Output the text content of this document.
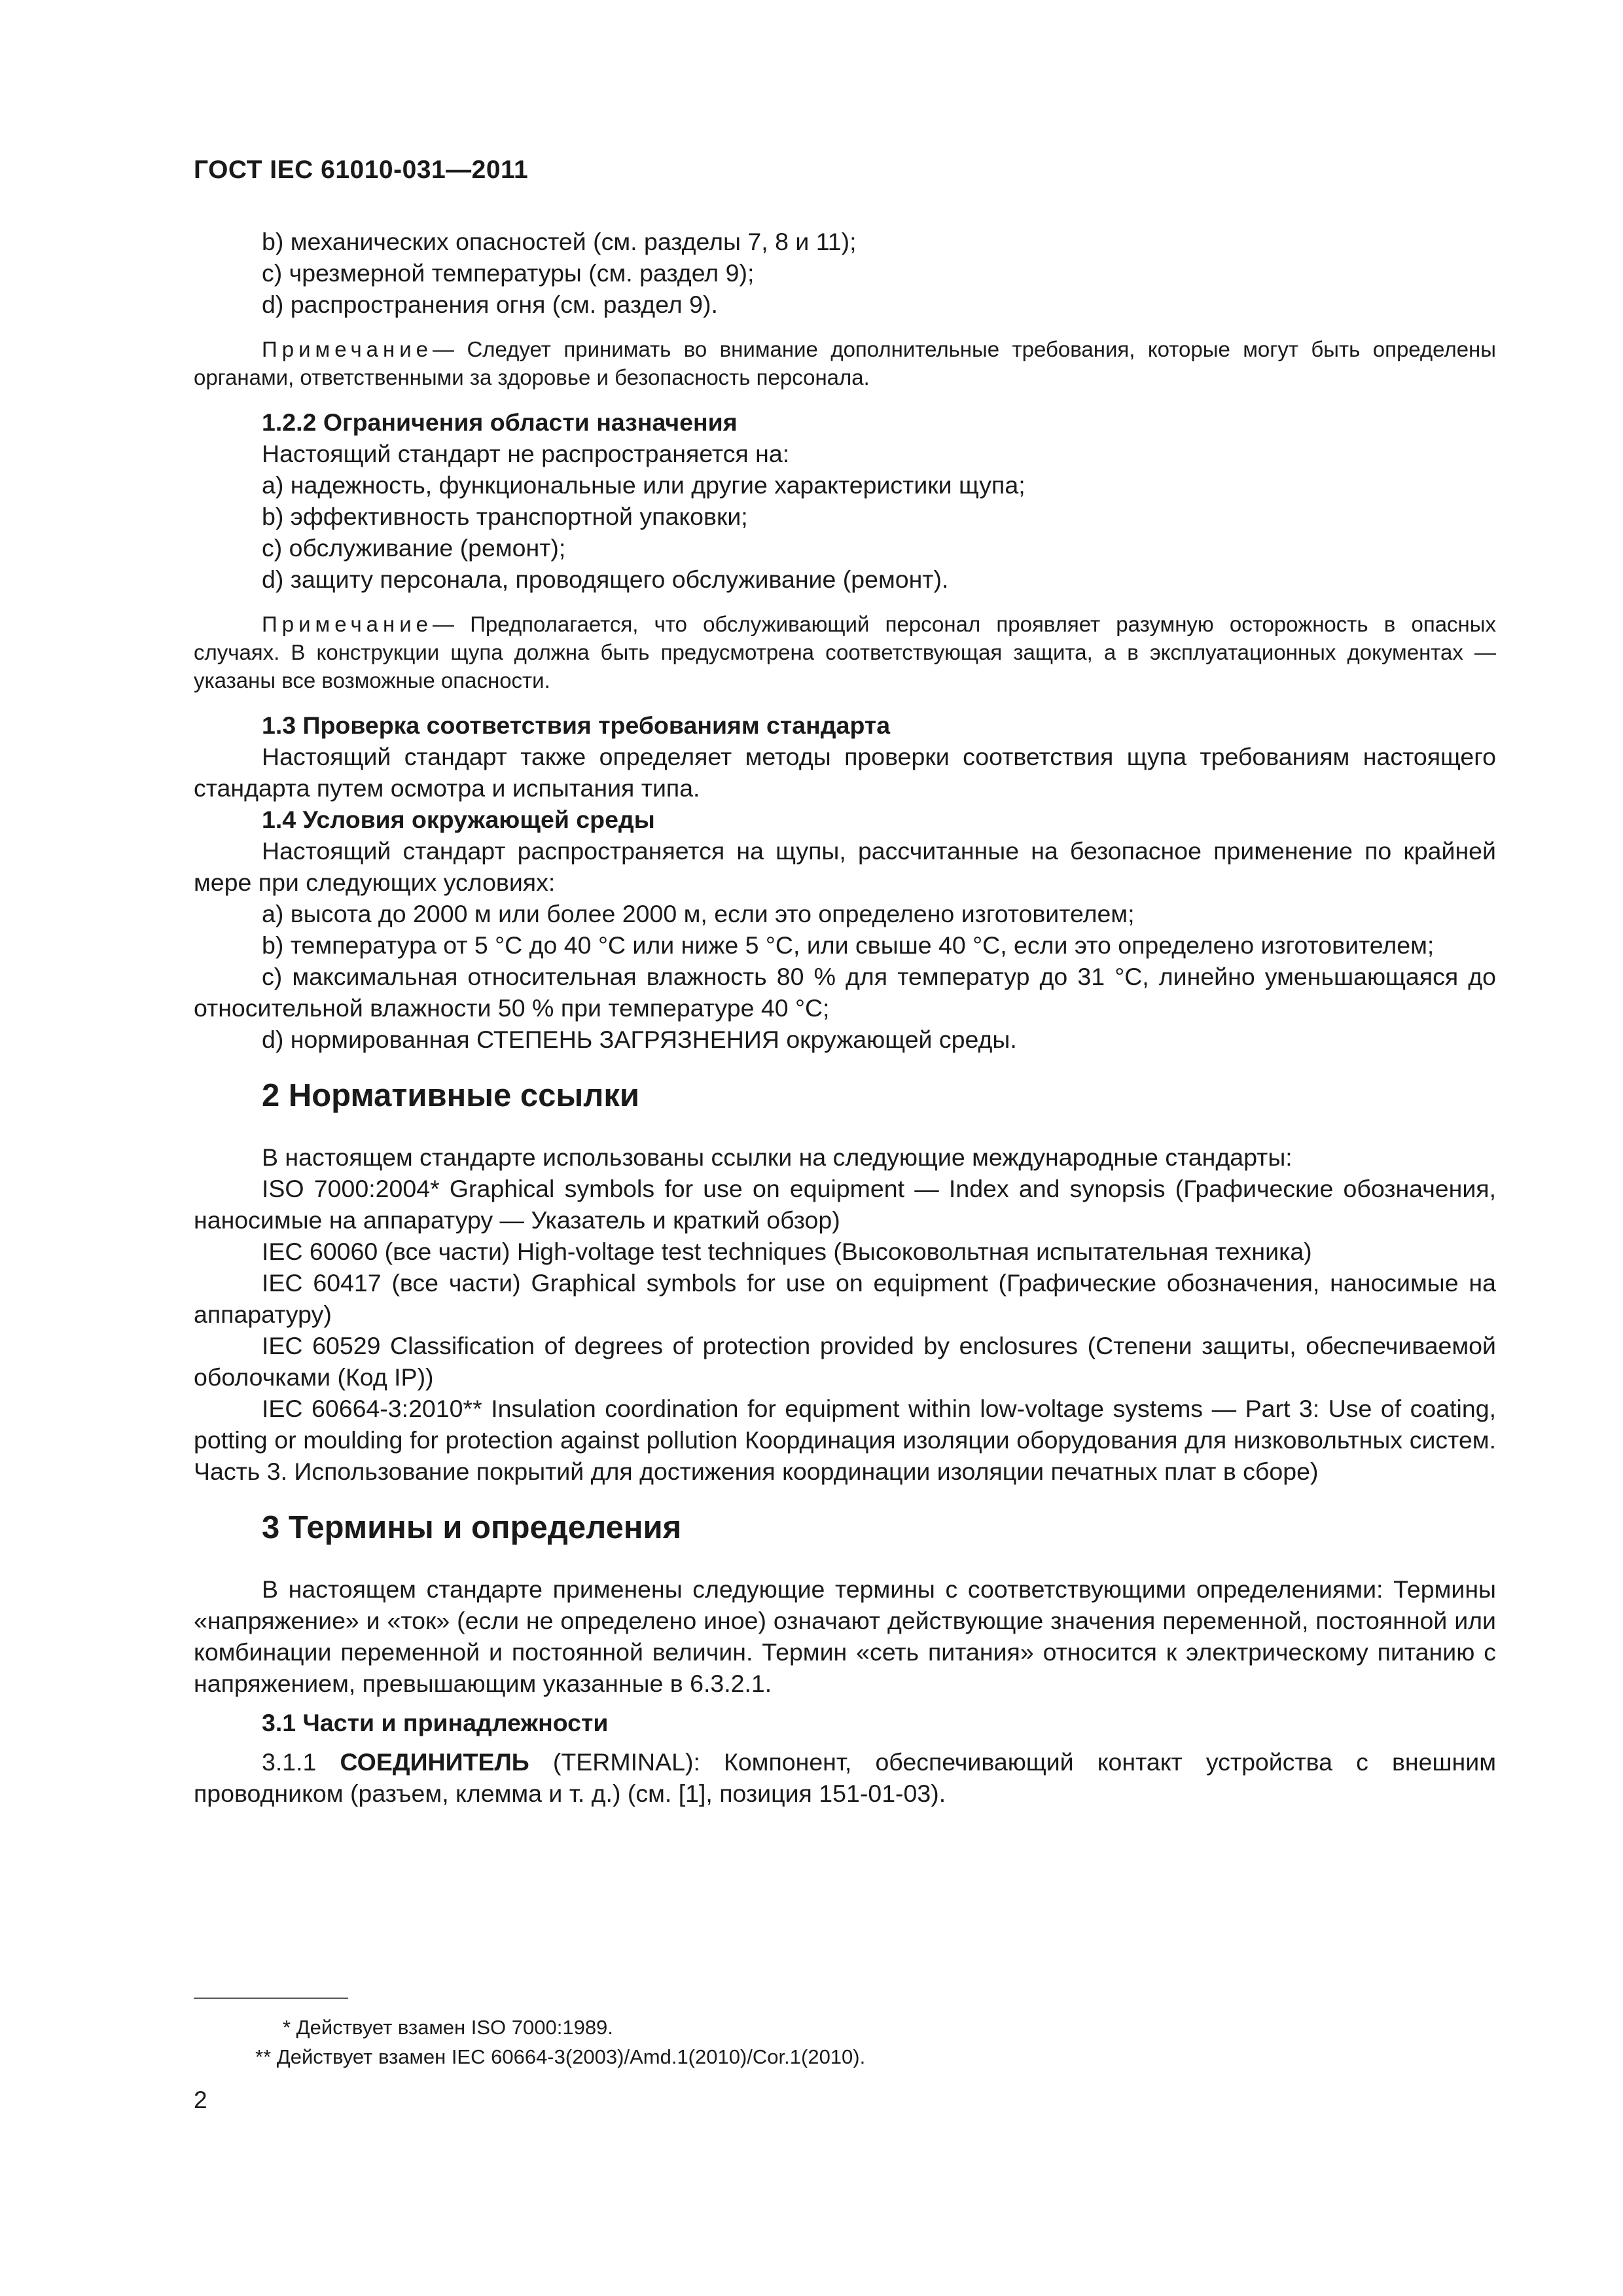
ГОСТ IEC 61010-031—2011

b) механических опасностей (см. разделы 7, 8 и 11);

c) чрезмерной температуры (см. раздел 9);

d) распространения огня (см. раздел 9).

Примечание— Следует принимать во внимание дополнительные требования, которые могут быть определены органами, ответственными за здоровье и безопасность персонала.

1.2.2 Ограничения области назначения

Настоящий стандарт не распространяется на:

a) надежность, функциональные или другие характеристики щупа;

b) эффективность транспортной упаковки;

c) обслуживание (ремонт);

d) защиту персонала, проводящего обслуживание (ремонт).

Примечание— Предполагается, что обслуживающий персонал проявляет разумную осторожность в опасных случаях. В конструкции щупа должна быть предусмотрена соответствующая защита, а в эксплуатационных документах — указаны все возможные опасности.

1.3 Проверка соответствия требованиям стандарта

Настоящий стандарт также определяет методы проверки соответствия щупа требованиям настоящего стандарта путем осмотра и испытания типа.

1.4 Условия окружающей среды

Настоящий стандарт распространяется на щупы, рассчитанные на безопасное применение по крайней мере при следующих условиях:

a) высота до 2000 м или более 2000 м, если это определено изготовителем;

b) температура от 5 °С до 40 °С или ниже 5 °С, или свыше 40 °С, если это определено изготовителем;

c) максимальная относительная влажность 80 % для температур до 31 °С, линейно уменьшающаяся до относительной влажности 50 % при температуре 40 °С;

d) нормированная СТЕПЕНЬ ЗАГРЯЗНЕНИЯ окружающей среды.

2 Нормативные ссылки

В настоящем стандарте использованы ссылки на следующие международные стандарты:

ISO 7000:2004* Graphical symbols for use on equipment — Index and synopsis (Графические обозначения, наносимые на аппаратуру — Указатель и краткий обзор)

IEC 60060 (все части) High-voltage test techniques (Высоковольтная испытательная техника)

IEC 60417 (все части) Graphical symbols for use on equipment (Графические обозначения, наносимые на аппаратуру)

IEC 60529 Classification of degrees of protection provided by enclosures (Степени защиты, обеспечиваемой оболочками (Код IP))

IEC 60664-3:2010** Insulation coordination for equipment within low-voltage systems — Part 3: Use of coating, potting or moulding for protection against pollution Координация изоляции оборудования для низковольтных систем. Часть 3. Использование покрытий для достижения координации изоляции печатных плат в сборе)

3 Термины и определения

В настоящем стандарте применены следующие термины с соответствующими определениями: Термины «напряжение» и «ток» (если не определено иное) означают действующие значения переменной, постоянной или комбинации переменной и постоянной величин. Термин «сеть питания» относится к электрическому питанию с напряжением, превышающим указанные в 6.3.2.1.

3.1 Части и принадлежности

3.1.1 СОЕДИНИТЕЛЬ (TERMINAL): Компонент, обеспечивающий контакт устройства с внешним проводником (разъем, клемма и т. д.) (см. [1], позиция 151-01-03).

* Действует взамен ISO 7000:1989.

** Действует взамен IEC 60664-3(2003)/Amd.1(2010)/Cor.1(2010).

2
